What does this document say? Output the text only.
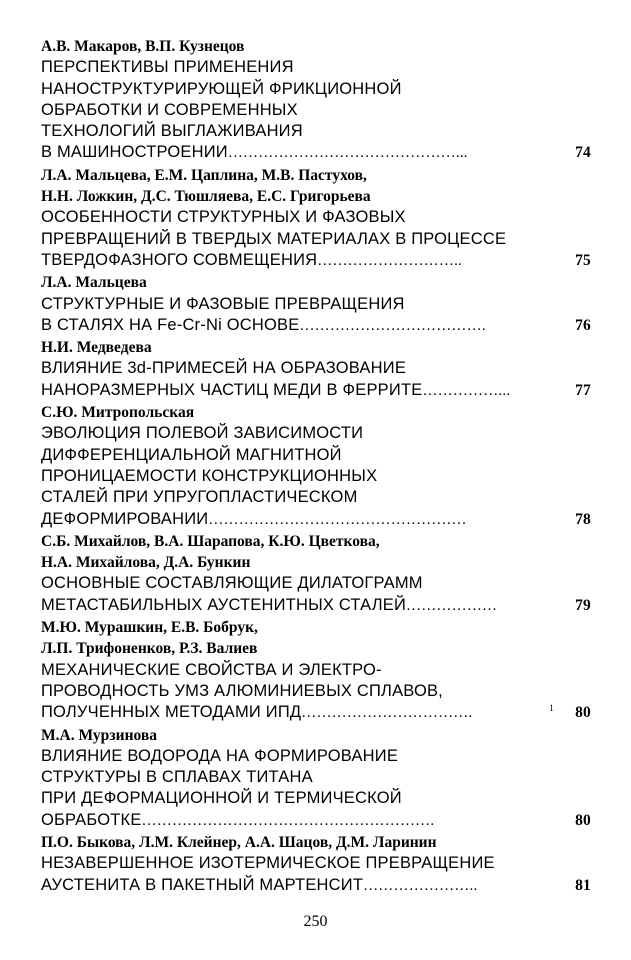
А.В. Макаров, В.П. Кузнецов
ПЕРСПЕКТИВЫ ПРИМЕНЕНИЯ
НАНОСТРУКТУРИРУЮЩЕЙ ФРИКЦИОННОЙ
ОБРАБОТКИ И СОВРЕМЕННЫХ
ТЕХНОЛОГИЙ ВЫГЛАЖИВАНИЯ
В МАШИНОСТРОЕНИИ………………………………………...	74
Л.А. Мальцева, Е.М. Цаплина, М.В. Пастухов,
Н.Н. Ложкин, Д.С. Тюшляева, Е.С. Григорьева
ОСОБЕННОСТИ СТРУКТУРНЫХ И ФАЗОВЫХ
ПРЕВРАЩЕНИЙ В ТВЕРДЫХ МАТЕРИАЛАХ В ПРОЦЕССЕ
ТВЕРДОФАЗНОГО СОВМЕЩЕНИЯ………………………..	75
Л.А. Мальцева
СТРУКТУРНЫЕ И ФАЗОВЫЕ ПРЕВРАЩЕНИЯ
В СТАЛЯХ НА Fe-Cr-Ni ОСНОВЕ……………………………….	76
Н.И. Медведева
ВЛИЯНИЕ 3d-ПРИМЕСЕЙ НА ОБРАЗОВАНИЕ
НАНОРАЗМЕРНЫХ ЧАСТИЦ МЕДИ В ФЕРРИТЕ……………...	77
С.Ю. Митропольская
ЭВОЛЮЦИЯ ПОЛЕВОЙ ЗАВИСИМОСТИ
ДИФФЕРЕНЦИАЛЬНОЙ МАГНИТНОЙ
ПРОНИЦАЕМОСТИ КОНСТРУКЦИОННЫХ
СТАЛЕЙ ПРИ УПРУГОПЛАСТИЧЕСКОМ
ДЕФОРМИРОВАНИИ……………………………………………	78
С.Б. Михайлов, В.А. Шарапова, К.Ю. Цветкова,
Н.А. Михайлова, Д.А. Бункин
ОСНОВНЫЕ СОСТАВЛЯЮЩИЕ ДИЛАТОГРАММ
МЕТАСТАБИЛЬНЫХ АУСТЕНИТНЫХ СТАЛЕЙ………………	79
М.Ю. Мурашкин, Е.В. Бобрук,
Л.П. Трифоненков, Р.З. Валиев
МЕХАНИЧЕСКИЕ СВОЙСТВА И ЭЛЕКТРО-
ПРОВОДНОСТЬ УМЗ АЛЮМИНИЕВЫХ СПЛАВОВ,
ПОЛУЧЕННЫХ МЕТОДАМИ ИПД…………………………….	1 80
М.А. Мурзинова
ВЛИЯНИЕ ВОДОРОДА НА ФОРМИРОВАНИЕ
СТРУКТУРЫ В СПЛАВАХ ТИТАНА
ПРИ ДЕФОРМАЦИОННОЙ И ТЕРМИЧЕСКОЙ
ОБРАБОТКЕ………………………………………………….	80
П.О. Быкова, Л.М. Клейнер, А.А. Шацов, Д.М. Ларинин
НЕЗАВЕРШЕННОЕ ИЗОТЕРМИЧЕСКОЕ ПРЕВРАЩЕНИЕ
АУСТЕНИТА В ПАКЕТНЫЙ МАРТЕНСИТ…………………..	81
250
